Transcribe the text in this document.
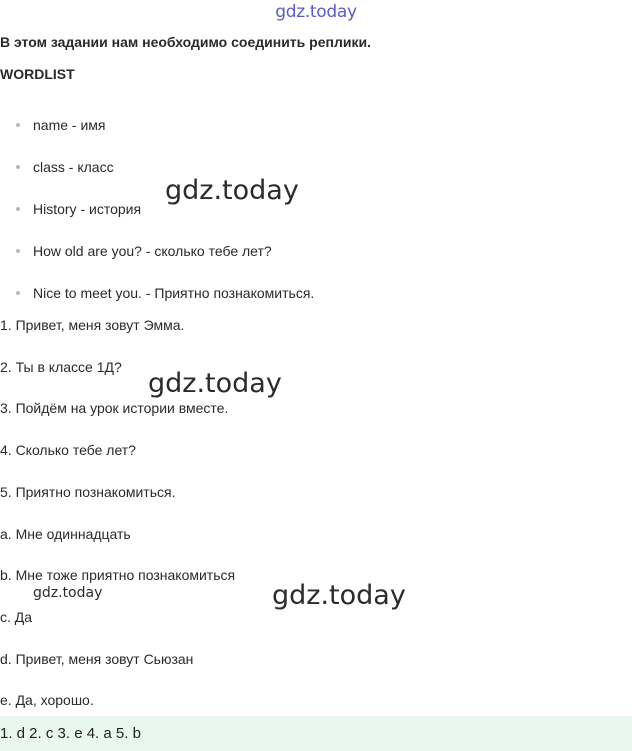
gdz.today
В этом задании нам необходимо соединить реплики.
WORDLIST
name - имя
class - класс
History - история
How old are you? - сколько тебе лет?
Nice to meet you. - Приятно познакомиться.
1. Привет, меня зовут Эмма.
2. Ты в классе 1Д?
3. Пойдём на урок истории вместе.
4. Сколько тебе лет?
5. Приятно познакомиться.
a. Мне одиннадцать
b. Мне тоже приятно познакомиться
c. Да
d. Привет, меня зовут Сьюзан
e. Да, хорошо.
gdz.today
gdz.today
gdz.today	gdz.today
1. d 2. c 3. e 4. a 5. b
